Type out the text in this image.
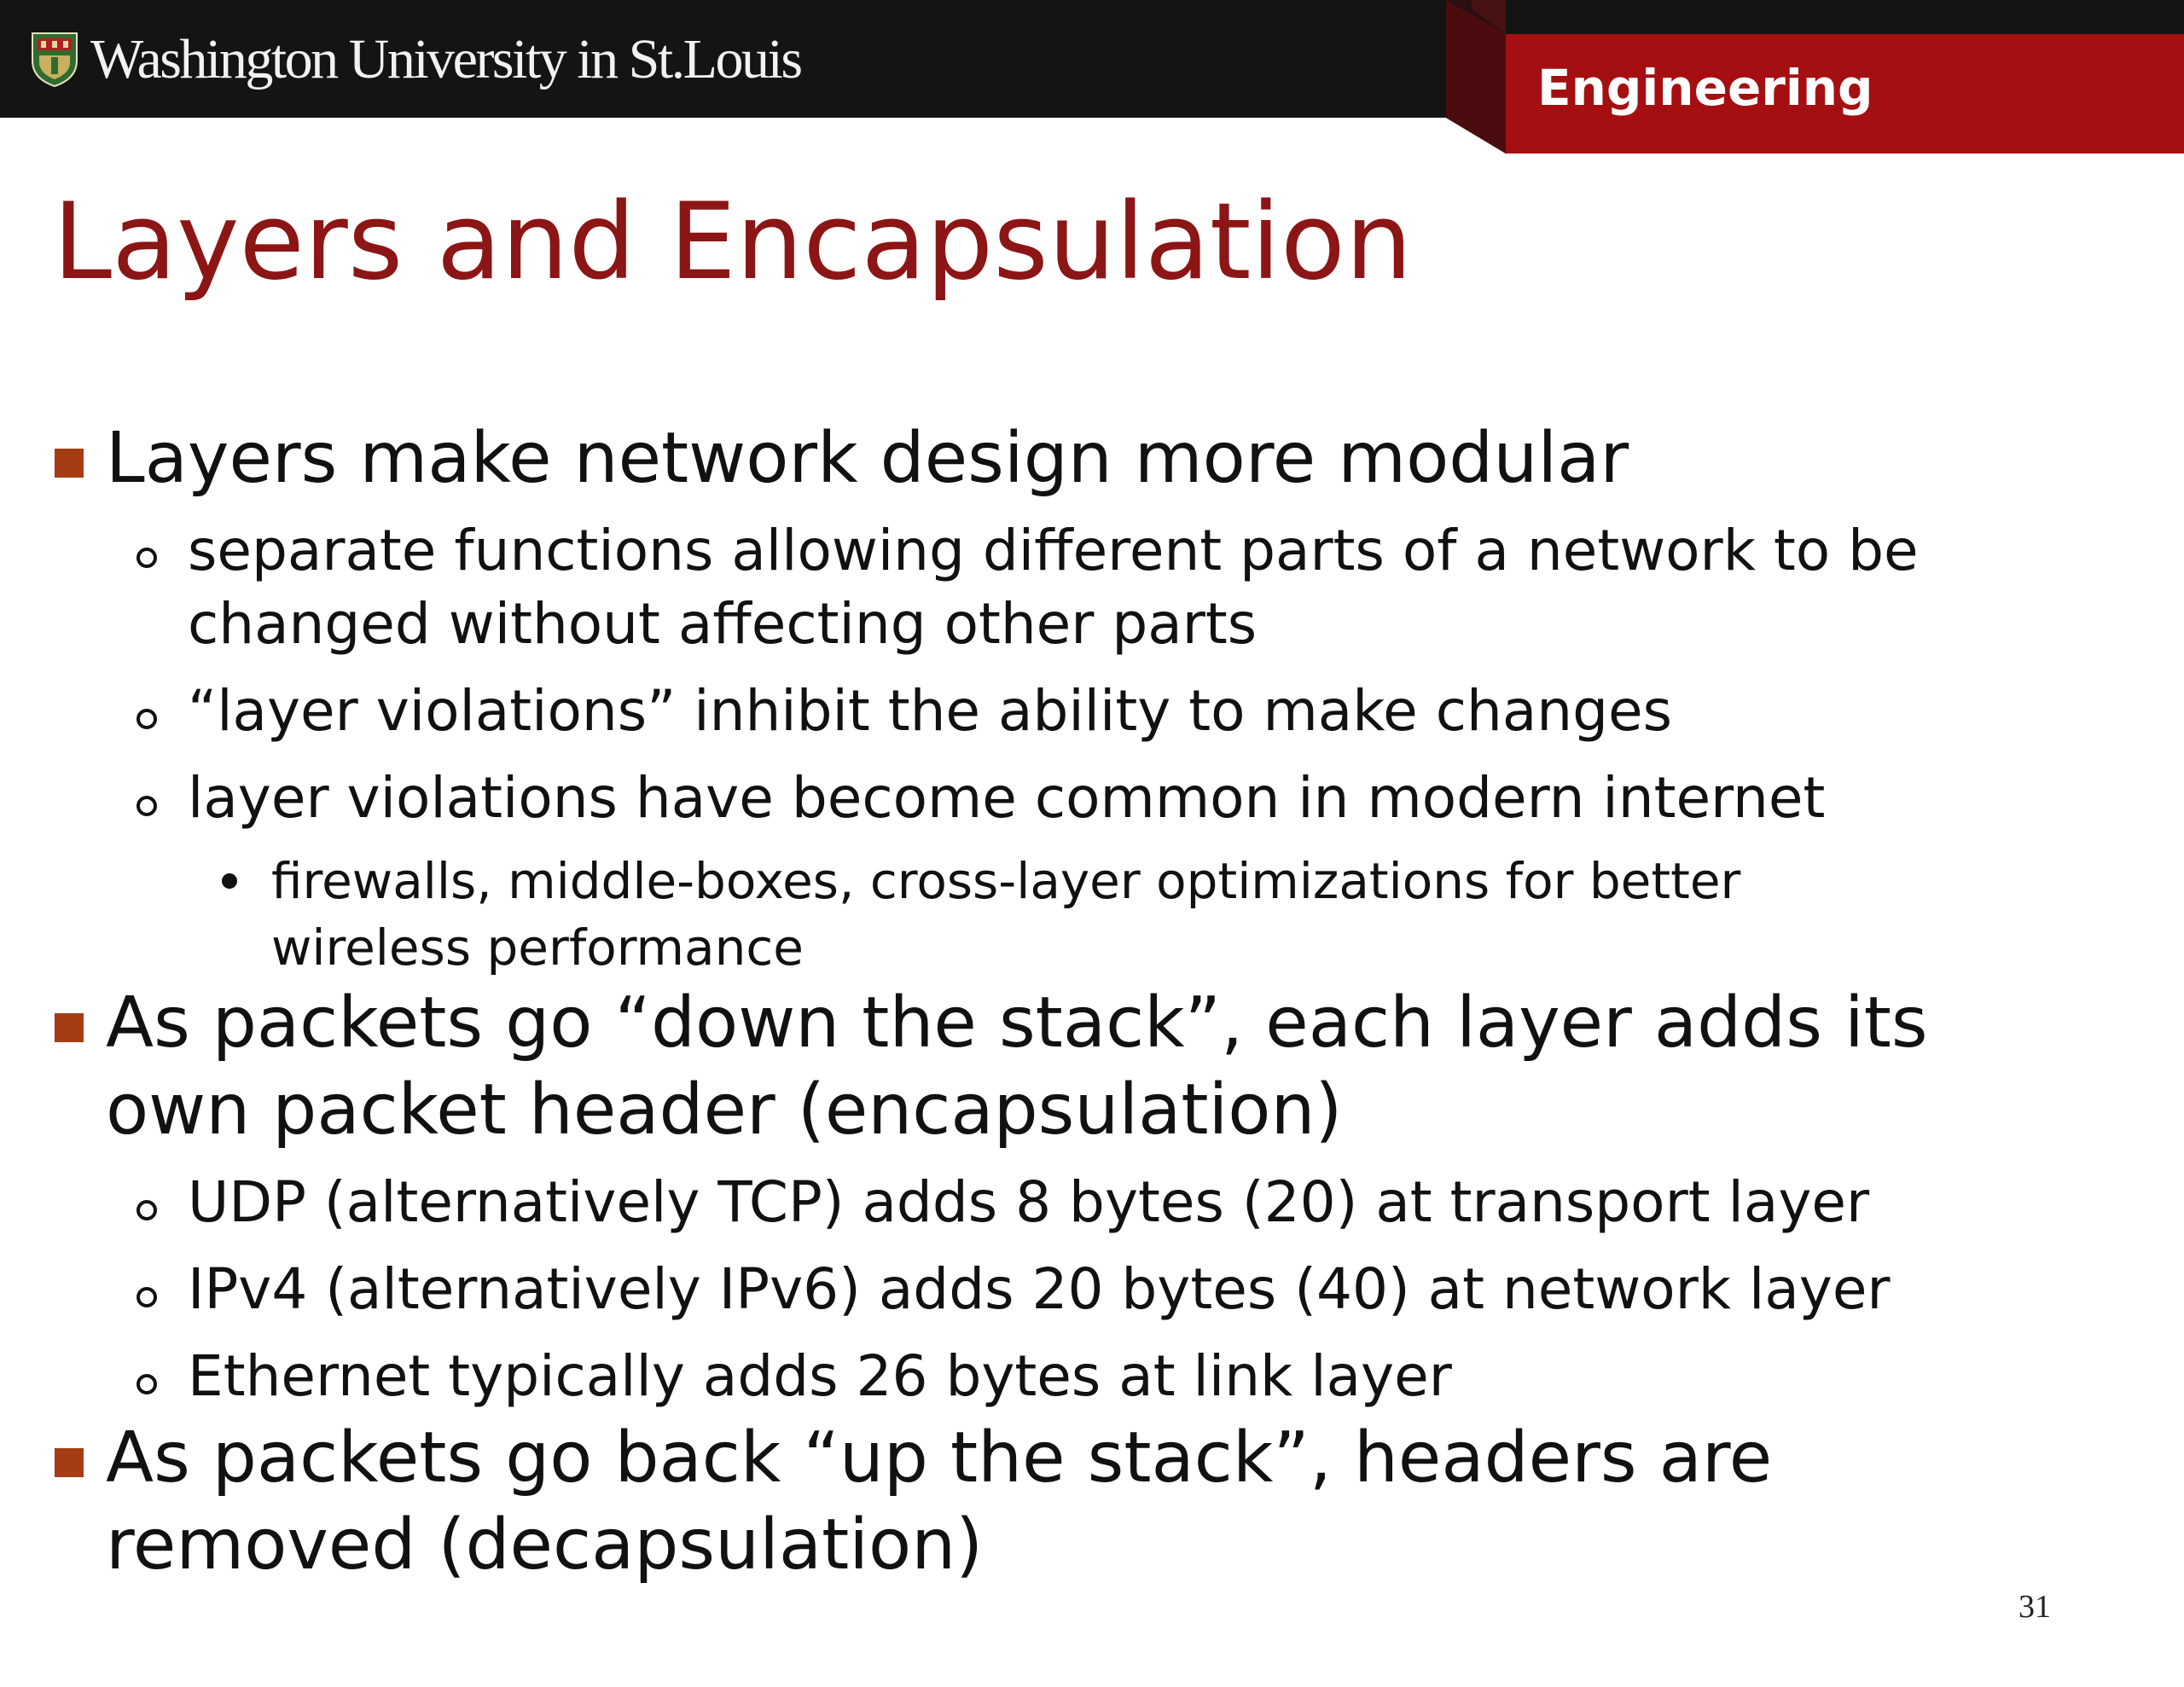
Washington University in St.Louis	Engineering
Layers and Encapsulation
Layers make network design more modular
separate functions allowing different parts of a network to be
changed without affecting other parts
“layer violations” inhibit the ability to make changes
layer violations have become common in modern internet
firewalls, middle-boxes, cross-layer optimizations for better
wireless performance
As packets go “down the stack”, each layer adds its
own packet header (encapsulation)
UDP (alternatively TCP) adds 8 bytes (20) at transport layer
IPv4 (alternatively IPv6) adds 20 bytes (40) at network layer
Ethernet typically adds 26 bytes at link layer
As packets go back “up the stack”, headers are
removed (decapsulation)
31
